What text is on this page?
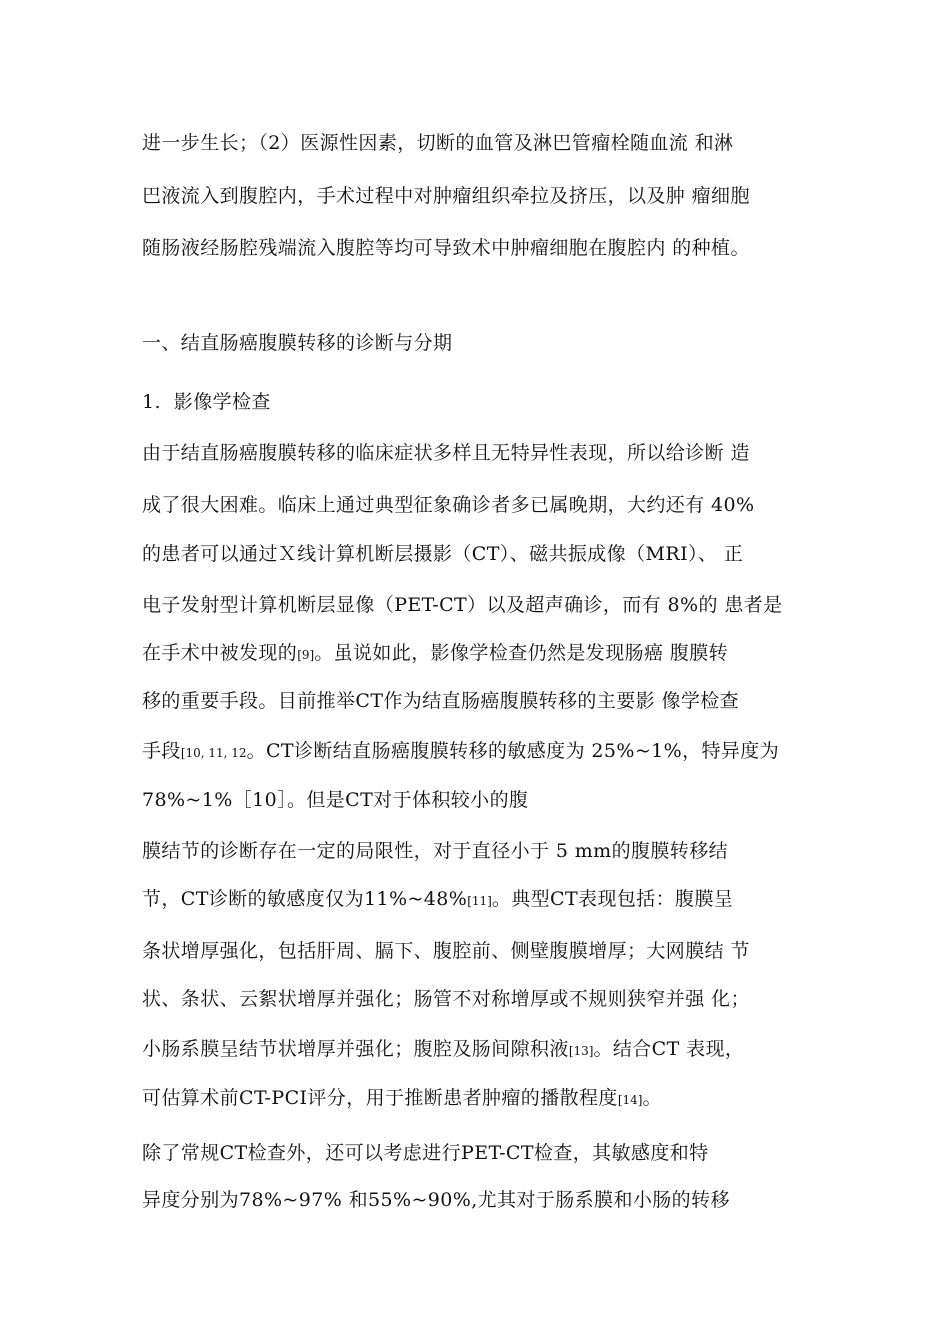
进一步生长；（2）医源性因素，切断的血管及淋巴管瘤栓随血流 和淋
巴液流入到腹腔内，手术过程中对肿瘤组织牵拉及挤压，以及肿 瘤细胞
随肠液经肠腔残端流入腹腔等均可导致术中肿瘤细胞在腹腔内 的种植。
一、结直肠癌腹膜转移的诊断与分期
1.  影像学检查
由于结直肠癌腹膜转移的临床症状多样且无特异性表现，所以给诊断 造
成了很大困难。临床上通过典型征象确诊者多已属晚期，大约还有 40%
的患者可以通过Ｘ线计算机断层摄影（CT）、磁共振成像（MRI）、 正
电子发射型计算机断层显像（PET-CT）以及超声确诊，而有 8%的 患者是
在手术中被发现的[9]。虽说如此，影像学检查仍然是发现肠癌 腹膜转
移的重要手段。目前推举CT作为结直肠癌腹膜转移的主要影 像学检查
手段[10, 11, 12。CT诊断结直肠癌腹膜转移的敏感度为 25%~1%，特异度为
78%~1%［10］。但是CT对于体积较小的腹
膜结节的诊断存在一定的局限性，对于直径小于 5 mm的腹膜转移结
节，CT诊断的敏感度仅为11%~48%[11]。典型CT表现包括：腹膜呈
条状增厚强化，包括肝周、膈下、腹腔前、侧壁腹膜增厚；大网膜结 节
状、条状、云絮状增厚并强化；肠管不对称增厚或不规则狭窄并强 化；
小肠系膜呈结节状增厚并强化；腹腔及肠间隙积液[13]。结合CT 表现，
可估算术前CT-PCI评分，用于推断患者肿瘤的播散程度[14]。
除了常规CT检查外，还可以考虑进行PET-CT检查，其敏感度和特
异度分别为78%~97% 和55%~90%,尤其对于肠系膜和小肠的转移
